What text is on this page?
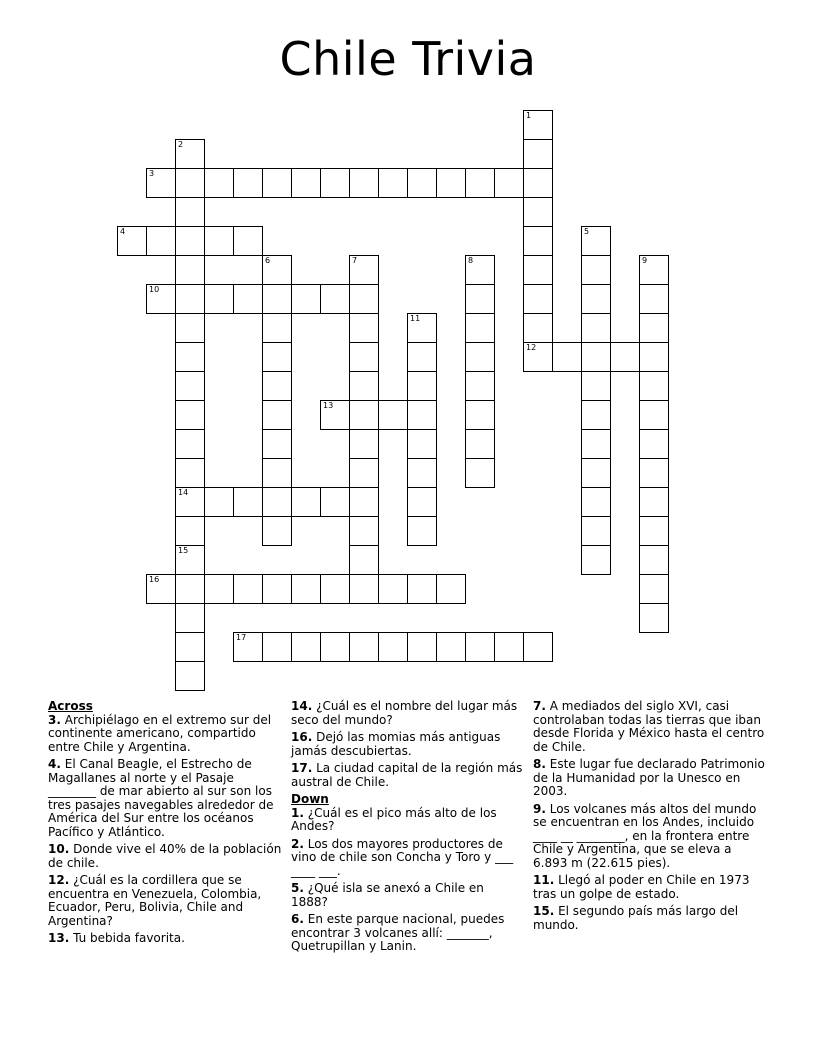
Chile Trivia
1
12
2
14
15
3
4	5
6	7	8	9
10
11
13
16
17

Across

3. Archipiélago en el extremo sur del continente americano, compartido entre Chile y Argentina.

4. El Canal Beagle, el Estrecho de Magallanes al norte y el Pasaje ________ de mar abierto al sur son los tres pasajes navegables alrededor de América del Sur entre los océanos Pacífico y Atlántico.

10. Donde vive el 40% de la población de chile.

12. ¿Cuál es la cordillera que se encuentra en Venezuela, Colombia, Ecuador, Peru, Bolivia, Chile and Argentina?

13. Tu bebida favorita.

14. ¿Cuál es el nombre del lugar más seco del mundo?

16. Dejó las momias más antiguas jamás descubiertas.

17. La ciudad capital de la región más austral de Chile.

Down

1. ¿Cuál es el pico más alto de los Andes?

2. Los dos mayores productores de vino de chile son Concha y Toro y ___ ____ ___.

5. ¿Qué isla se anexó a Chile en 1888?

6. En este parque nacional, puedes encontrar 3 volcanes allí: _______, Quetrupillan y Lanin.

7. A mediados del siglo XVI, casi controlaban todas las tierras que iban desde Florida y México hasta el centro de Chile.

8. Este lugar fue declarado Patrimonio de la Humanidad por la Unesco en 2003.

9. Los volcanes más altos del mundo se encuentran en los Andes, incluido ____ __ ________, en la frontera entre Chile y Argentina, que se eleva a 6.893 m (22.615 pies).

11. Llegó al poder en Chile en 1973 tras un golpe de estado.

15. El segundo país más largo del mundo.
